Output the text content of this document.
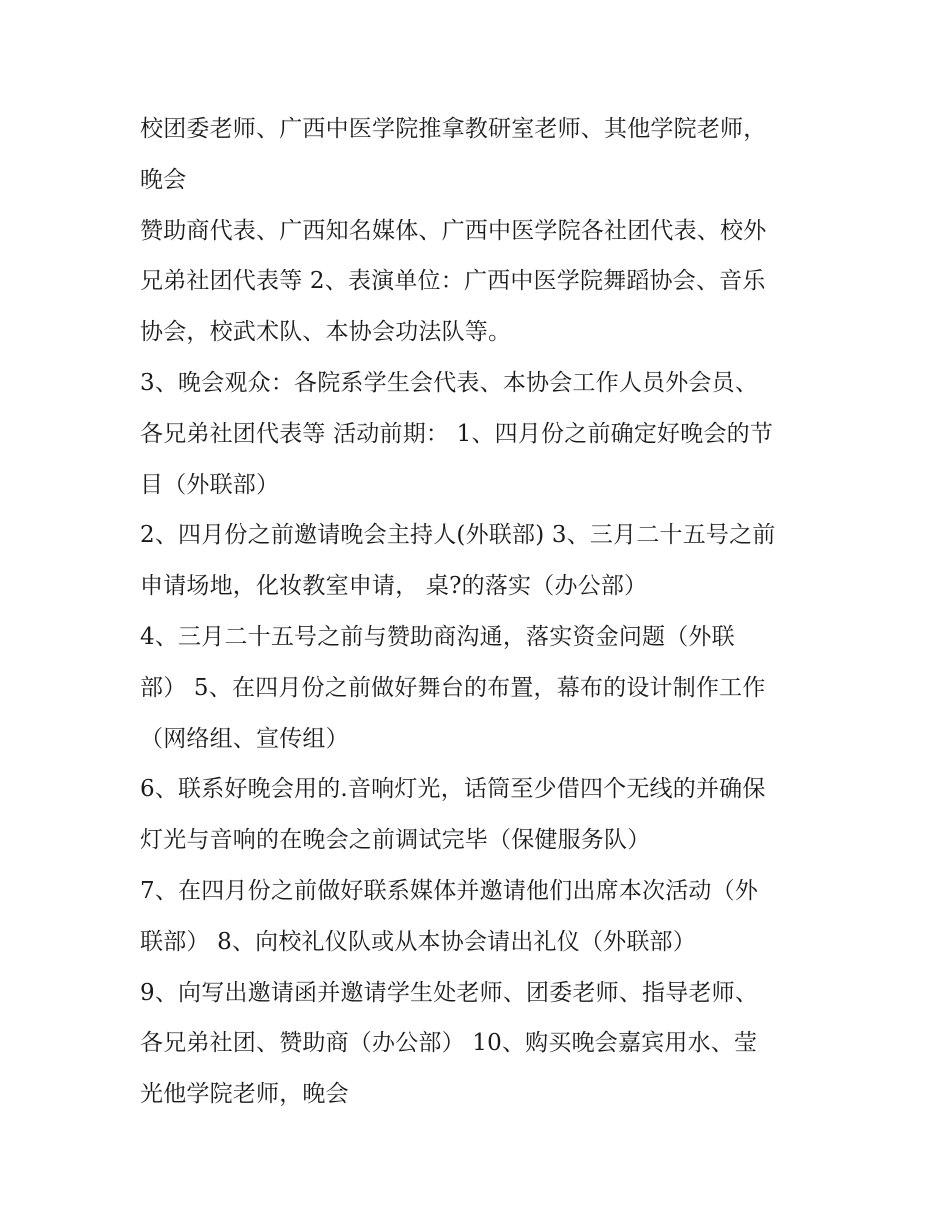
校团委老师、广西中医学院推拿教研室老师、其他学院老师，
晚会
赞助商代表、广西知名媒体、广西中医学院各社团代表、校外
兄弟社团代表等 2、表演单位：广西中医学院舞蹈协会、音乐
协会，校武术队、本协会功法队等。
3、晚会观众：各院系学生会代表、本协会工作人员外会员、
各兄弟社团代表等 活动前期： 1、四月份之前确定好晚会的节
目（外联部）
2、四月份之前邀请晚会主持人(外联部) 3、三月二十五号之前
申请场地，化妆教室申请， 桌?的落实（办公部）
4、三月二十五号之前与赞助商沟通，落实资金问题（外联
部） 5、在四月份之前做好舞台的布置，幕布的设计制作工作
（网络组、宣传组）
6、联系好晚会用的.音响灯光，话筒至少借四个无线的并确保
灯光与音响的在晚会之前调试完毕（保健服务队）
7、在四月份之前做好联系媒体并邀请他们出席本次活动（外
联部） 8、向校礼仪队或从本协会请出礼仪（外联部）
9、向写出邀请函并邀请学生处老师、团委老师、指导老师、
各兄弟社团、赞助商（办公部） 10、购买晚会嘉宾用水、莹
光他学院老师，晚会
